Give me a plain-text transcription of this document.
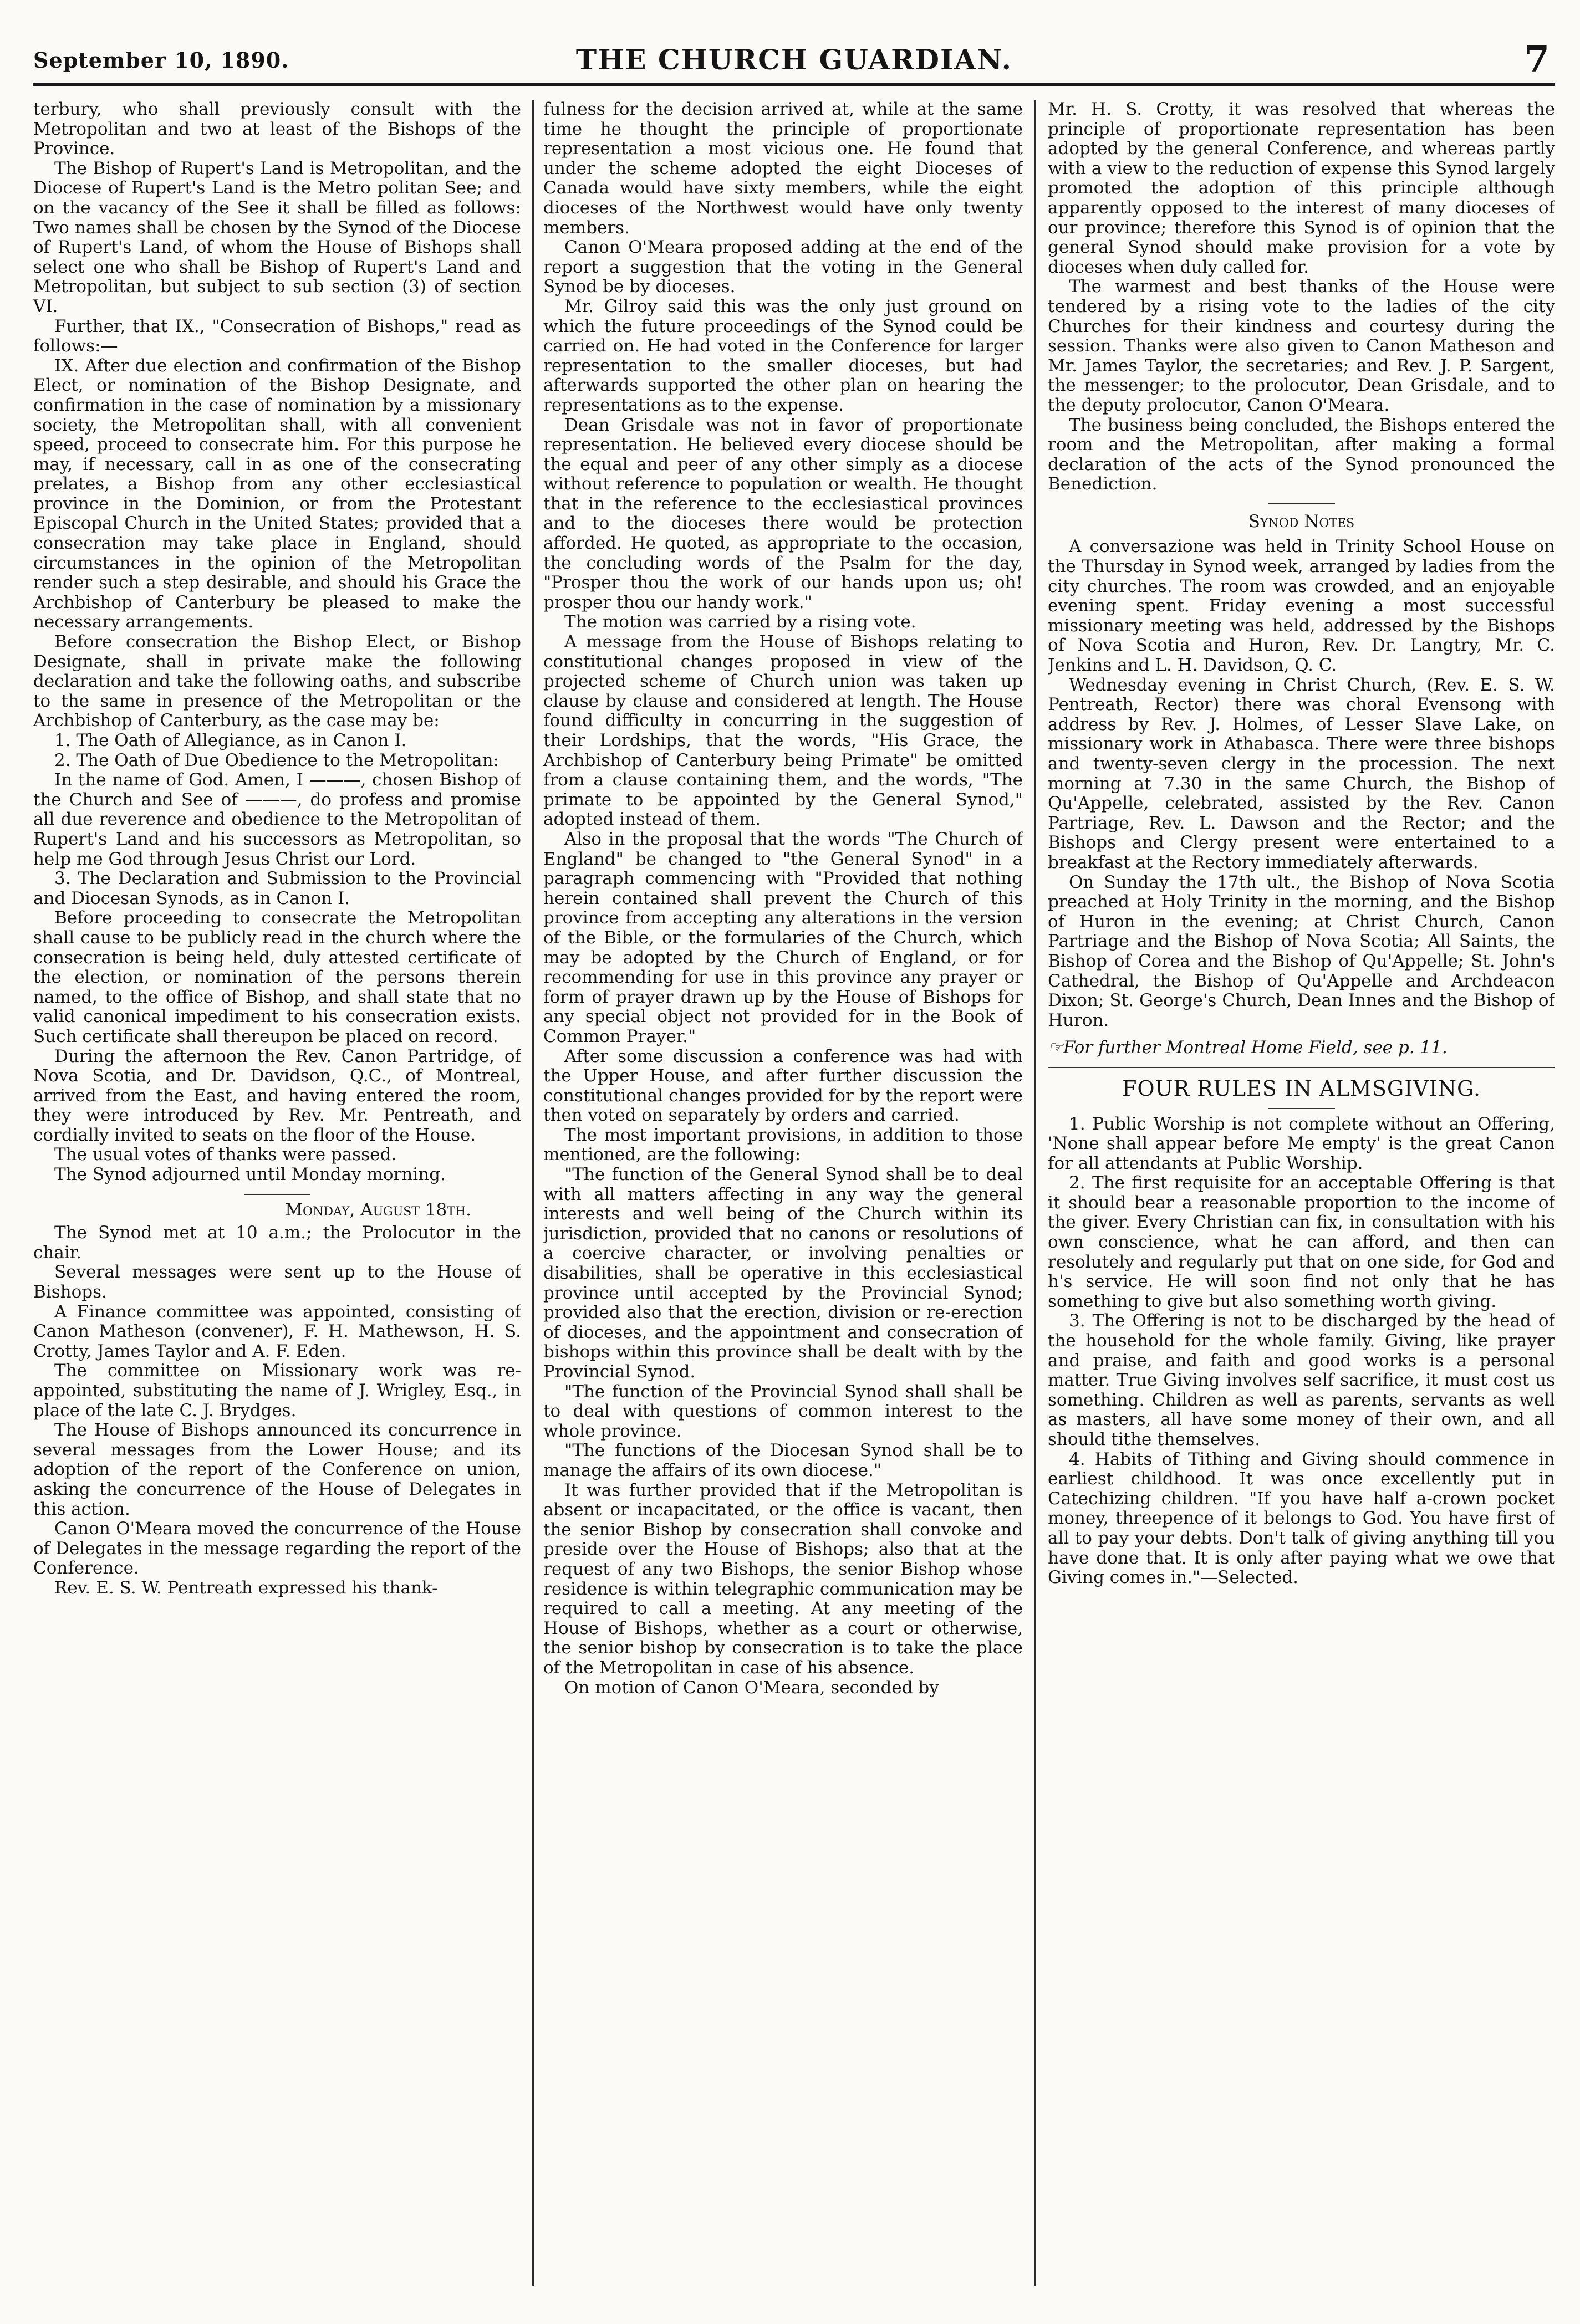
September 10, 1890.	THE CHURCH GUARDIAN.	7

terbury, who shall previously consult with the Metropolitan and two at least of the Bishops of the Province.

The Bishop of Rupert's Land is Metropolitan, and the Diocese of Rupert's Land is the Metro politan See; and on the vacancy of the See it shall be filled as follows: Two names shall be chosen by the Synod of the Diocese of Rupert's Land, of whom the House of Bishops shall select one who shall be Bishop of Rupert's Land and Metropolitan, but subject to sub section (3) of section VI.

Further, that IX., "Consecration of Bishops," read as follows:—

IX. After due election and confirmation of the Bishop Elect, or nomination of the Bishop Designate, and confirmation in the case of nomination by a missionary society, the Metropolitan shall, with all convenient speed, proceed to consecrate him. For this purpose he may, if necessary, call in as one of the consecrating prelates, a Bishop from any other ecclesiastical province in the Dominion, or from the Protestant Episcopal Church in the United States; provided that a consecration may take place in England, should circumstances in the opinion of the Metropolitan render such a step desirable, and should his Grace the Archbishop of Canterbury be pleased to make the necessary arrangements.

Before consecration the Bishop Elect, or Bishop Designate, shall in private make the following declaration and take the following oaths, and subscribe to the same in presence of the Metropolitan or the Archbishop of Canterbury, as the case may be:

1. The Oath of Allegiance, as in Canon I.

2. The Oath of Due Obedience to the Metropolitan:

In the name of God. Amen, I ———, chosen Bishop of the Church and See of ———, do profess and promise all due reverence and obedience to the Metropolitan of Rupert's Land and his successors as Metropolitan, so help me God through Jesus Christ our Lord.

3. The Declaration and Submission to the Provincial and Diocesan Synods, as in Canon I.

Before proceeding to consecrate the Metropolitan shall cause to be publicly read in the church where the consecration is being held, duly attested certificate of the election, or nomination of the persons therein named, to the office of Bishop, and shall state that no valid canonical impediment to his consecration exists. Such certificate shall thereupon be placed on record.

During the afternoon the Rev. Canon Partridge, of Nova Scotia, and Dr. Davidson, Q.C., of Montreal, arrived from the East, and having entered the room, they were introduced by Rev. Mr. Pentreath, and cordially invited to seats on the floor of the House.

The usual votes of thanks were passed.

The Synod adjourned until Monday morning.

Monday, August 18th.

The Synod met at 10 a.m.; the Prolocutor in the chair.

Several messages were sent up to the House of Bishops.

A Finance committee was appointed, consisting of Canon Matheson (convener), F. H. Mathewson, H. S. Crotty, James Taylor and A. F. Eden.

The committee on Missionary work was re-appointed, substituting the name of J. Wrigley, Esq., in place of the late C. J. Brydges.

The House of Bishops announced its concurrence in several messages from the Lower House; and its adoption of the report of the Conference on union, asking the concurrence of the House of Delegates in this action.

Canon O'Meara moved the concurrence of the House of Delegates in the message regarding the report of the Conference.

Rev. E. S. W. Pentreath expressed his thank-

fulness for the decision arrived at, while at the same time he thought the principle of proportionate representation a most vicious one. He found that under the scheme adopted the eight Dioceses of Canada would have sixty members, while the eight dioceses of the Northwest would have only twenty members.

Canon O'Meara proposed adding at the end of the report a suggestion that the voting in the General Synod be by dioceses.

Mr. Gilroy said this was the only just ground on which the future proceedings of the Synod could be carried on. He had voted in the Conference for larger representation to the smaller dioceses, but had afterwards supported the other plan on hearing the representations as to the expense.

Dean Grisdale was not in favor of proportionate representation. He believed every diocese should be the equal and peer of any other simply as a diocese without reference to population or wealth. He thought that in the reference to the ecclesiastical provinces and to the dioceses there would be protection afforded. He quoted, as appropriate to the occasion, the concluding words of the Psalm for the day, "Prosper thou the work of our hands upon us; oh! prosper thou our handy work."

The motion was carried by a rising vote.

A message from the House of Bishops relating to constitutional changes proposed in view of the projected scheme of Church union was taken up clause by clause and considered at length. The House found difficulty in concurring in the suggestion of their Lordships, that the words, "His Grace, the Archbishop of Canterbury being Primate" be omitted from a clause containing them, and the words, "The primate to be appointed by the General Synod," adopted instead of them.

Also in the proposal that the words "The Church of England" be changed to "the General Synod" in a paragraph commencing with "Provided that nothing herein contained shall prevent the Church of this province from accepting any alterations in the version of the Bible, or the formularies of the Church, which may be adopted by the Church of England, or for recommending for use in this province any prayer or form of prayer drawn up by the House of Bishops for any special object not provided for in the Book of Common Prayer."

After some discussion a conference was had with the Upper House, and after further discussion the constitutional changes provided for by the report were then voted on separately by orders and carried.

The most important provisions, in addition to those mentioned, are the following:

"The function of the General Synod shall be to deal with all matters affecting in any way the general interests and well being of the Church within its jurisdiction, provided that no canons or resolutions of a coercive character, or involving penalties or disabilities, shall be operative in this ecclesiastical province until accepted by the Provincial Synod; provided also that the erection, division or re-erection of dioceses, and the appointment and consecration of bishops within this province shall be dealt with by the Provincial Synod.

"The function of the Provincial Synod shall shall be to deal with questions of common interest to the whole province.

"The functions of the Diocesan Synod shall be to manage the affairs of its own diocese."

It was further provided that if the Metropolitan is absent or incapacitated, or the office is vacant, then the senior Bishop by consecration shall convoke and preside over the House of Bishops; also that at the request of any two Bishops, the senior Bishop whose residence is within telegraphic communication may be required to call a meeting. At any meeting of the House of Bishops, whether as a court or otherwise, the senior bishop by consecration is to take the place of the Metropolitan in case of his absence.

On motion of Canon O'Meara, seconded by

Mr. H. S. Crotty, it was resolved that whereas the principle of proportionate representation has been adopted by the general Conference, and whereas partly with a view to the reduction of expense this Synod largely promoted the adoption of this principle although apparently opposed to the interest of many dioceses of our province; therefore this Synod is of opinion that the general Synod should make provision for a vote by dioceses when duly called for.

The warmest and best thanks of the House were tendered by a rising vote to the ladies of the city Churches for their kindness and courtesy during the session. Thanks were also given to Canon Matheson and Mr. James Taylor, the secretaries; and Rev. J. P. Sargent, the messenger; to the prolocutor, Dean Grisdale, and to the deputy prolocutor, Canon O'Meara.

The business being concluded, the Bishops entered the room and the Metropolitan, after making a formal declaration of the acts of the Synod pronounced the Benediction.

Synod Notes

A conversazione was held in Trinity School House on the Thursday in Synod week, arranged by ladies from the city churches. The room was crowded, and an enjoyable evening spent. Friday evening a most successful missionary meeting was held, addressed by the Bishops of Nova Scotia and Huron, Rev. Dr. Langtry, Mr. C. Jenkins and L. H. Davidson, Q. C.

Wednesday evening in Christ Church, (Rev. E. S. W. Pentreath, Rector) there was choral Evensong with address by Rev. J. Holmes, of Lesser Slave Lake, on missionary work in Athabasca. There were three bishops and twenty-seven clergy in the procession. The next morning at 7.30 in the same Church, the Bishop of Qu'Appelle, celebrated, assisted by the Rev. Canon Partriage, Rev. L. Dawson and the Rector; and the Bishops and Clergy present were entertained to a breakfast at the Rectory immediately afterwards.

On Sunday the 17th ult., the Bishop of Nova Scotia preached at Holy Trinity in the morning, and the Bishop of Huron in the evening; at Christ Church, Canon Partriage and the Bishop of Nova Scotia; All Saints, the Bishop of Corea and the Bishop of Qu'Appelle; St. John's Cathedral, the Bishop of Qu'Appelle and Archdeacon Dixon; St. George's Church, Dean Innes and the Bishop of Huron.

☞For further Montreal Home Field, see p. 11.

FOUR RULES IN ALMSGIVING.

1. Public Worship is not complete without an Offering, 'None shall appear before Me empty' is the great Canon for all attendants at Public Worship.

2. The first requisite for an acceptable Offering is that it should bear a reasonable proportion to the income of the giver. Every Christian can fix, in consultation with his own conscience, what he can afford, and then can resolutely and regularly put that on one side, for God and h's service. He will soon find not only that he has something to give but also something worth giving.

3. The Offering is not to be discharged by the head of the household for the whole family. Giving, like prayer and praise, and faith and good works is a personal matter. True Giving involves self sacrifice, it must cost us something. Children as well as parents, servants as well as masters, all have some money of their own, and all should tithe themselves.

4. Habits of Tithing and Giving should commence in earliest childhood. It was once excellently put in Catechizing children. "If you have half a-crown pocket money, threepence of it belongs to God. You have first of all to pay your debts. Don't talk of giving anything till you have done that. It is only after paying what we owe that Giving comes in."—Selected.
